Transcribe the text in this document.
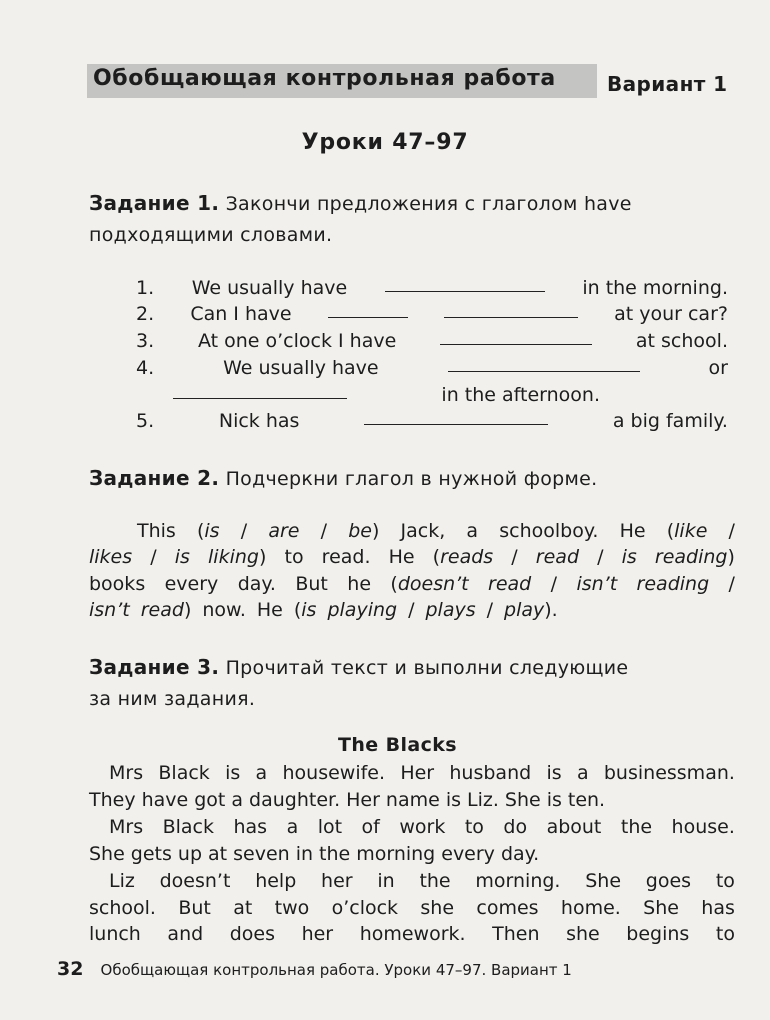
Обобщающая контрольная работа	Вариант 1
Уроки 47–97
Задание 1. Закончи предложения с глаголом have
подходящими словами.
1. We usually have	in the morning.
2. Can I have	at your car?
3. At one o’clock I have	at school.
4.	We usually have	or
in the afternoon.
5.	Nick has	a big family.
Задание 2. Подчеркни глагол в нужной форме.
This (is / are / be) Jack, a schoolboy. He (like /
likes / is liking) to read. He (reads / read / is reading)
books every day. But he (doesn’t read / isn’t reading /
isn’t read) now. He (is playing / plays / play).
Задание 3. Прочитай текст и выполни следующие
за ним задания.
The Blacks
Mrs Black is a housewife. Her husband is a businessman.
They have got a daughter. Her name is Liz. She is ten.
Mrs Black has a lot of work to do about the house.
She gets up at seven in the morning every day.
Liz doesn’t help her in the morning. She goes to
school. But at two o’clock she comes home. She has
lunch and does her homework. Then she begins to
32 Обобщающая контрольная работа. Уроки 47–97. Вариант 1
